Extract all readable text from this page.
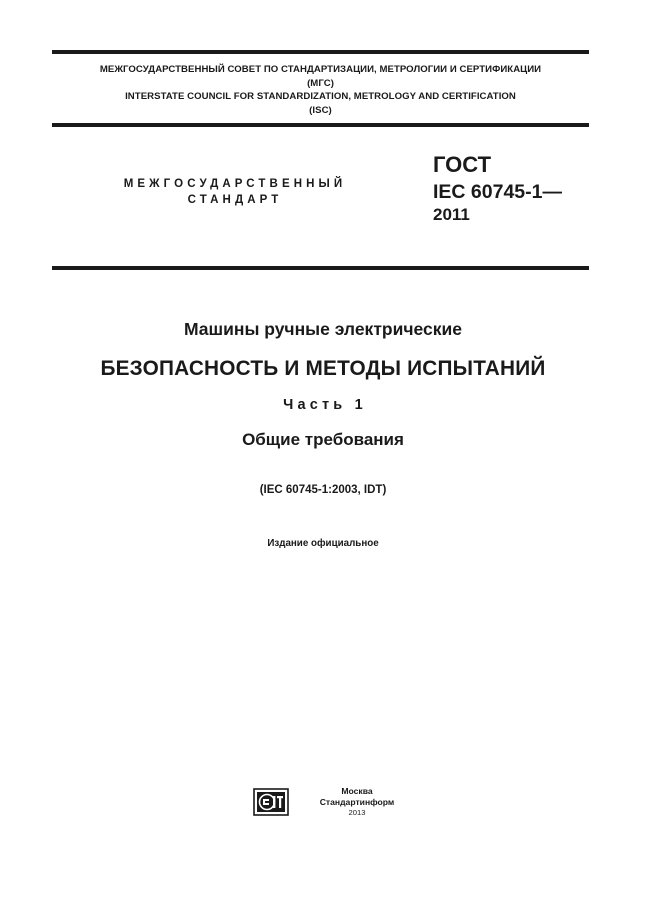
МЕЖГОСУДАРСТВЕННЫЙ СОВЕТ ПО СТАНДАРТИЗАЦИИ, МЕТРОЛОГИИ И СЕРТИФИКАЦИИ
(МГС)
INTERSTATE COUNCIL FOR STANDARDIZATION, METROLOGY AND CERTIFICATION
(ISC)
МЕЖГОСУДАРСТВЕННЫЙ
СТАНДАРТ
ГОСТ
IEC 60745-1—
2011
Машины ручные электрические
БЕЗОПАСНОСТЬ И МЕТОДЫ ИСПЫТАНИЙ
Часть 1
Общие требования
(IEC 60745-1:2003, IDT)
Издание официальное
Москва
Стандартинформ
2013
